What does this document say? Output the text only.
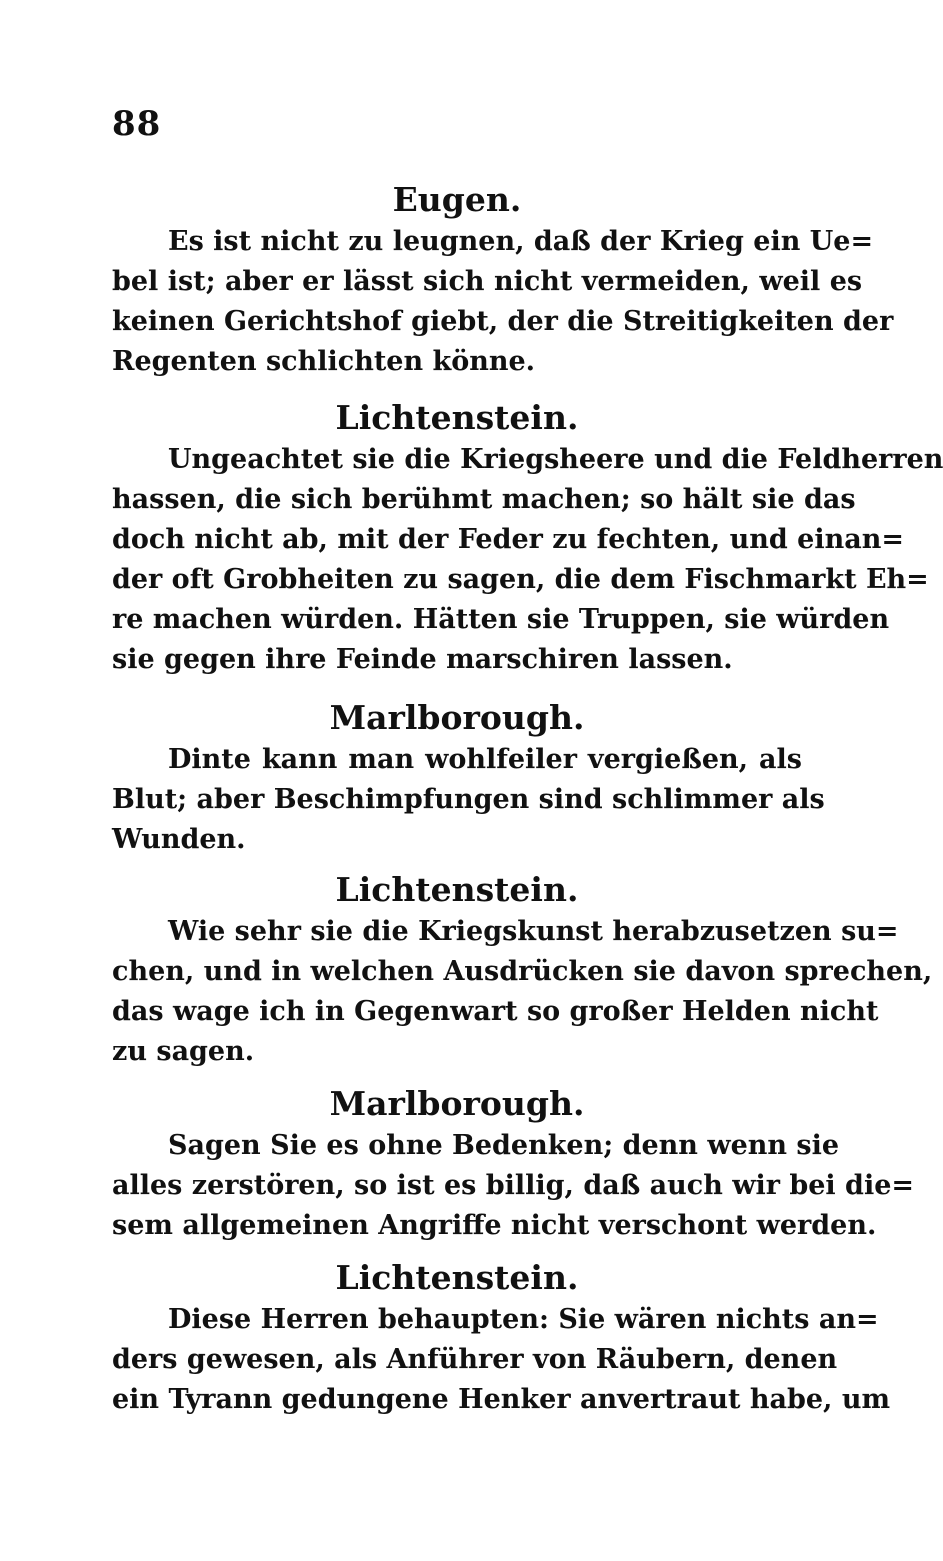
88
Eugen.
Es ist nicht zu leugnen, daß der Krieg ein Ue=
bel ist; aber er lässt sich nicht vermeiden, weil es
keinen Gerichtshof giebt, der die Streitigkeiten der
Regenten schlichten könne.
Lichtenstein.
Ungeachtet sie die Kriegsheere und die Feldherren
hassen, die sich berühmt machen; so hält sie das
doch nicht ab, mit der Feder zu fechten, und einan=
der oft Grobheiten zu sagen, die dem Fischmarkt Eh=
re machen würden. Hätten sie Truppen, sie würden
sie gegen ihre Feinde marschiren lassen.
Marlborough.
Dinte kann man wohlfeiler vergießen, als
Blut; aber Beschimpfungen sind schlimmer als
Wunden.
Lichtenstein.
Wie sehr sie die Kriegskunst herabzusetzen su=
chen, und in welchen Ausdrücken sie davon sprechen,
das wage ich in Gegenwart so großer Helden nicht
zu sagen.
Marlborough.
Sagen Sie es ohne Bedenken; denn wenn sie
alles zerstören, so ist es billig, daß auch wir bei die=
sem allgemeinen Angriffe nicht verschont werden.
Lichtenstein.
Diese Herren behaupten: Sie wären nichts an=
ders gewesen, als Anführer von Räubern, denen
ein Tyrann gedungene Henker anvertraut habe, um
